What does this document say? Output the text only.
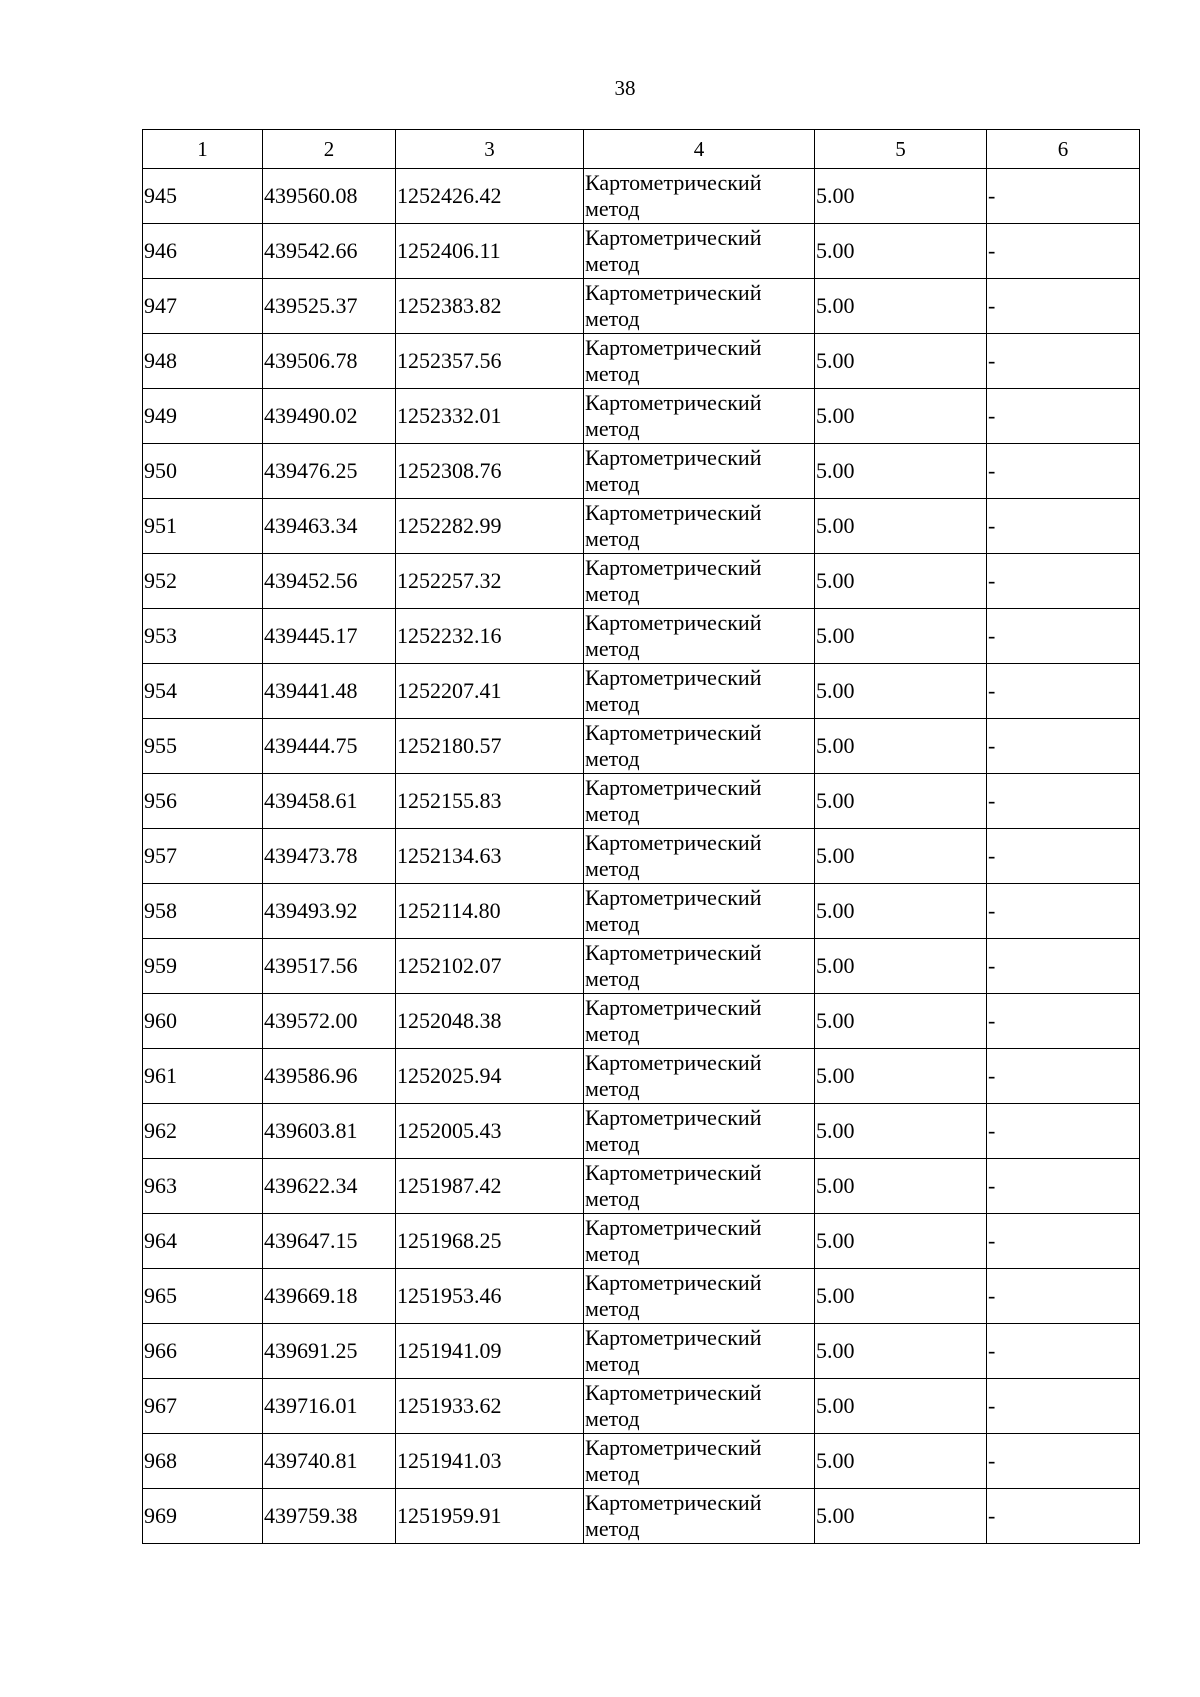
38
1	2	3	4	5	6
945	439560.08	1252426.42	Картометрический
метод	5.00	-
946	439542.66	1252406.11	Картометрический
метод	5.00	-
947	439525.37	1252383.82	Картометрический
метод	5.00	-
948	439506.78	1252357.56	Картометрический
метод	5.00	-
949	439490.02	1252332.01	Картометрический
метод	5.00	-
950	439476.25	1252308.76	Картометрический
метод	5.00	-
951	439463.34	1252282.99	Картометрический
метод	5.00	-
952	439452.56	1252257.32	Картометрический
метод	5.00	-
953	439445.17	1252232.16	Картометрический
метод	5.00	-
954	439441.48	1252207.41	Картометрический
метод	5.00	-
955	439444.75	1252180.57	Картометрический
метод	5.00	-
956	439458.61	1252155.83	Картометрический
метод	5.00	-
957	439473.78	1252134.63	Картометрический
метод	5.00	-
958	439493.92	1252114.80	Картометрический
метод	5.00	-
959	439517.56	1252102.07	Картометрический
метод	5.00	-
960	439572.00	1252048.38	Картометрический
метод	5.00	-
961	439586.96	1252025.94	Картометрический
метод	5.00	-
962	439603.81	1252005.43	Картометрический
метод	5.00	-
963	439622.34	1251987.42	Картометрический
метод	5.00	-
964	439647.15	1251968.25	Картометрический
метод	5.00	-
965	439669.18	1251953.46	Картометрический
метод	5.00	-
966	439691.25	1251941.09	Картометрический
метод	5.00	-
967	439716.01	1251933.62	Картометрический
метод	5.00	-
968	439740.81	1251941.03	Картометрический
метод	5.00	-
969	439759.38	1251959.91	Картометрический
метод	5.00	-
